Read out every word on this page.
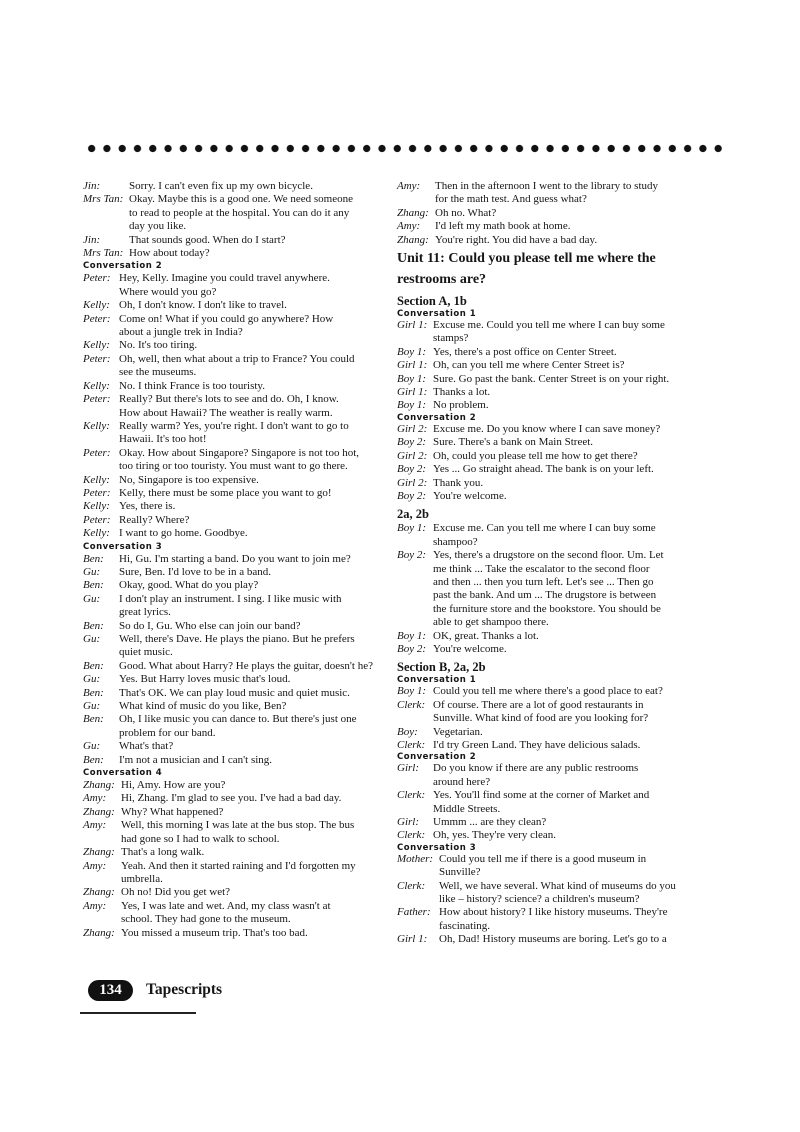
Jin:	Sorry. I can't even fix up my own bicycle.
Mrs Tan: Okay. Maybe this is a good one. We need someone
to read to people at the hospital. You can do it any
day you like.
Jin:	That sounds good. When do I start?
Mrs Tan: How about today?
Conversation 2
Peter: Hey, Kelly. Imagine you could travel anywhere.
Where would you go?
Kelly: Oh, I don't know. I don't like to travel.
Peter: Come on! What if you could go anywhere? How
about a jungle trek in India?
Kelly: No. It's too tiring.
Peter: Oh, well, then what about a trip to France? You could
see the museums.
Kelly: No. I think France is too touristy.
Peter: Really? But there's lots to see and do. Oh, I know.
How about Hawaii? The weather is really warm.
Kelly: Really warm? Yes, you're right. I don't want to go to
Hawaii. It's too hot!
Peter: Okay. How about Singapore? Singapore is not too hot,
too tiring or too touristy. You must want to go there.
Kelly: No, Singapore is too expensive.
Peter: Kelly, there must be some place you want to go!
Kelly: Yes, there is.
Peter: Really? Where?
Kelly: I want to go home. Goodbye.
Conversation 3
Ben:	Hi, Gu. I'm starting a band. Do you want to join me?
Gu:	Sure, Ben. I'd love to be in a band.
Ben:	Okay, good. What do you play?
Gu:	I don't play an instrument. I sing. I like music with
great lyrics.
Ben:	So do I, Gu. Who else can join our band?
Gu:	Well, there's Dave. He plays the piano. But he prefers
quiet music.
Ben:	Good. What about Harry? He plays the guitar, doesn't he?
Gu:	Yes. But Harry loves music that's loud.
Ben:	That's OK. We can play loud music and quiet music.
Gu:	What kind of music do you like, Ben?
Ben:	Oh, I like music you can dance to. But there's just one
problem for our band.
Gu:	What's that?
Ben:	I'm not a musician and I can't sing.
Conversation 4
Zhang: Hi, Amy. How are you?
Amy:	Hi, Zhang. I'm glad to see you. I've had a bad day.
Zhang: Why? What happened?
Amy:	Well, this morning I was late at the bus stop. The bus
had gone so I had to walk to school.
Zhang: That's a long walk.
Amy:	Yeah. And then it started raining and I'd forgotten my
umbrella.
Zhang: Oh no! Did you get wet?
Amy:	Yes, I was late and wet. And, my class wasn't at
school. They had gone to the museum.
Zhang: You missed a museum trip. That's too bad.
Amy:	Then in the afternoon I went to the library to study
for the math test. And guess what?
Zhang: Oh no. What?
Amy:	I'd left my math book at home.
Zhang: You're right. You did have a bad day.
Unit 11: Could you please tell me where the
restrooms are?
Section A, 1b
Conversation 1
Girl 1: Excuse me. Could you tell me where I can buy some
stamps?
Boy 1: Yes, there's a post office on Center Street.
Girl 1: Oh, can you tell me where Center Street is?
Boy 1: Sure. Go past the bank. Center Street is on your right.
Girl 1: Thanks a lot.
Boy 1: No problem.
Conversation 2
Girl 2: Excuse me. Do you know where I can save money?
Boy 2: Sure. There's a bank on Main Street.
Girl 2: Oh, could you please tell me how to get there?
Boy 2: Yes ... Go straight ahead. The bank is on your left.
Girl 2: Thank you.
Boy 2: You're welcome.
2a, 2b
Boy 1: Excuse me. Can you tell me where I can buy some
shampoo?
Boy 2: Yes, there's a drugstore on the second floor. Um. Let
me think ... Take the escalator to the second floor
and then ... then you turn left. Let's see ... Then go
past the bank. And um ... The drugstore is between
the furniture store and the bookstore. You should be
able to get shampoo there.
Boy 1: OK, great. Thanks a lot.
Boy 2: You're welcome.
Section B, 2a, 2b
Conversation 1
Boy 1: Could you tell me where there's a good place to eat?
Clerk: Of course. There are a lot of good restaurants in
Sunville. What kind of food are you looking for?
Boy:	Vegetarian.
Clerk: I'd try Green Land. They have delicious salads.
Conversation 2
Girl:	Do you know if there are any public restrooms
around here?
Clerk: Yes. You'll find some at the corner of Market and
Middle Streets.
Girl:	Ummm ... are they clean?
Clerk: Oh, yes. They're very clean.
Conversation 3
Mother: Could you tell me if there is a good museum in
Sunville?
Clerk:	Well, we have several. What kind of museums do you
like – history? science? a children's museum?
Father: How about history? I like history museums. They're
fascinating.
Girl 1:	Oh, Dad! History museums are boring. Let's go to a
134	Tapescripts
